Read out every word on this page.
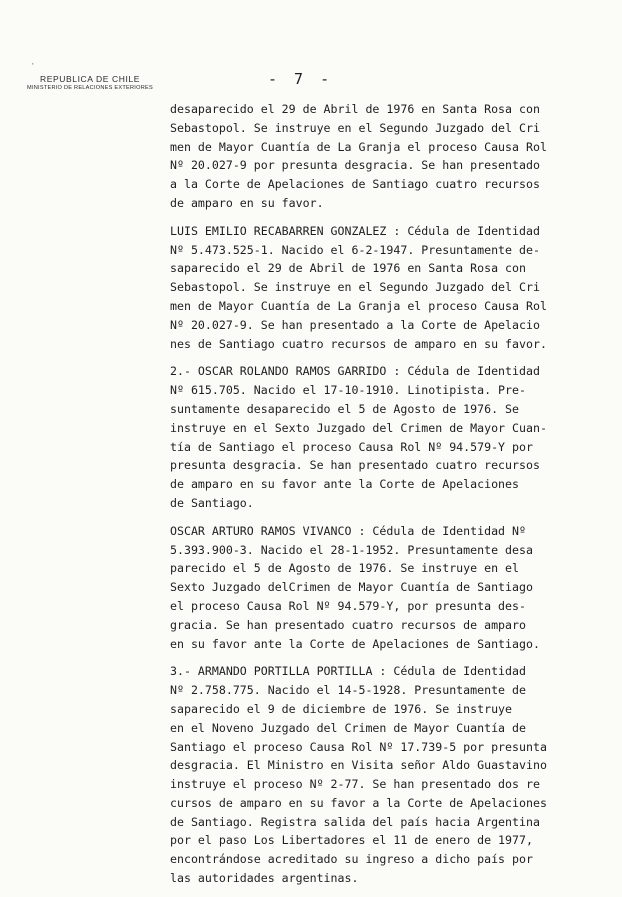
REPUBLICA DE CHILE
MINISTERIO DE RELACIONES EXTERIORES	- 7 -
desaparecido el 29 de Abril de 1976 en Santa Rosa con
Sebastopol. Se instruye en el Segundo Juzgado del Cri
men de Mayor Cuantía de La Granja el proceso Causa Rol
Nº 20.027-9 por presunta desgracia. Se han presentado
a la Corte de Apelaciones de Santiago cuatro recursos
de amparo en su favor.
LUIS EMILIO RECABARREN GONZALEZ : Cédula de Identidad
Nº 5.473.525-1. Nacido el 6-2-1947. Presuntamente de-
saparecido el 29 de Abril de 1976 en Santa Rosa con
Sebastopol. Se instruye en el Segundo Juzgado del Cri
men de Mayor Cuantía de La Granja el proceso Causa Rol
Nº 20.027-9. Se han presentado a la Corte de Apelacio
nes de Santiago cuatro recursos de amparo en su favor.
2.- OSCAR ROLANDO RAMOS GARRIDO : Cédula de Identidad
Nº 615.705. Nacido el 17-10-1910. Linotipista. Pre-
suntamente desaparecido el 5 de Agosto de 1976. Se
instruye en el Sexto Juzgado del Crimen de Mayor Cuan-
tía de Santiago el proceso Causa Rol Nº 94.579-Y por
presunta desgracia. Se han presentado cuatro recursos
de amparo en su favor ante la Corte de Apelaciones
de Santiago.
OSCAR ARTURO RAMOS VIVANCO : Cédula de Identidad Nº
5.393.900-3. Nacido el 28-1-1952. Presuntamente desa
parecido el 5 de Agosto de 1976. Se instruye en el
Sexto Juzgado delCrimen de Mayor Cuantía de Santiago
el proceso Causa Rol Nº 94.579-Y, por presunta des-
gracia. Se han presentado cuatro recursos de amparo
en su favor ante la Corte de Apelaciones de Santiago.
3.- ARMANDO PORTILLA PORTILLA : Cédula de Identidad
Nº 2.758.775. Nacido el 14-5-1928. Presuntamente de
saparecido el 9 de diciembre de 1976. Se instruye
en el Noveno Juzgado del Crimen de Mayor Cuantía de
Santiago el proceso Causa Rol Nº 17.739-5 por presunta
desgracia. El Ministro en Visita señor Aldo Guastavino
instruye el proceso Nº 2-77. Se han presentado dos re
cursos de amparo en su favor a la Corte de Apelaciones
de Santiago. Registra salida del país hacia Argentina
por el paso Los Libertadores el 11 de enero de 1977,
encontrándose acreditado su ingreso a dicho país por
las autoridades argentinas.
·
